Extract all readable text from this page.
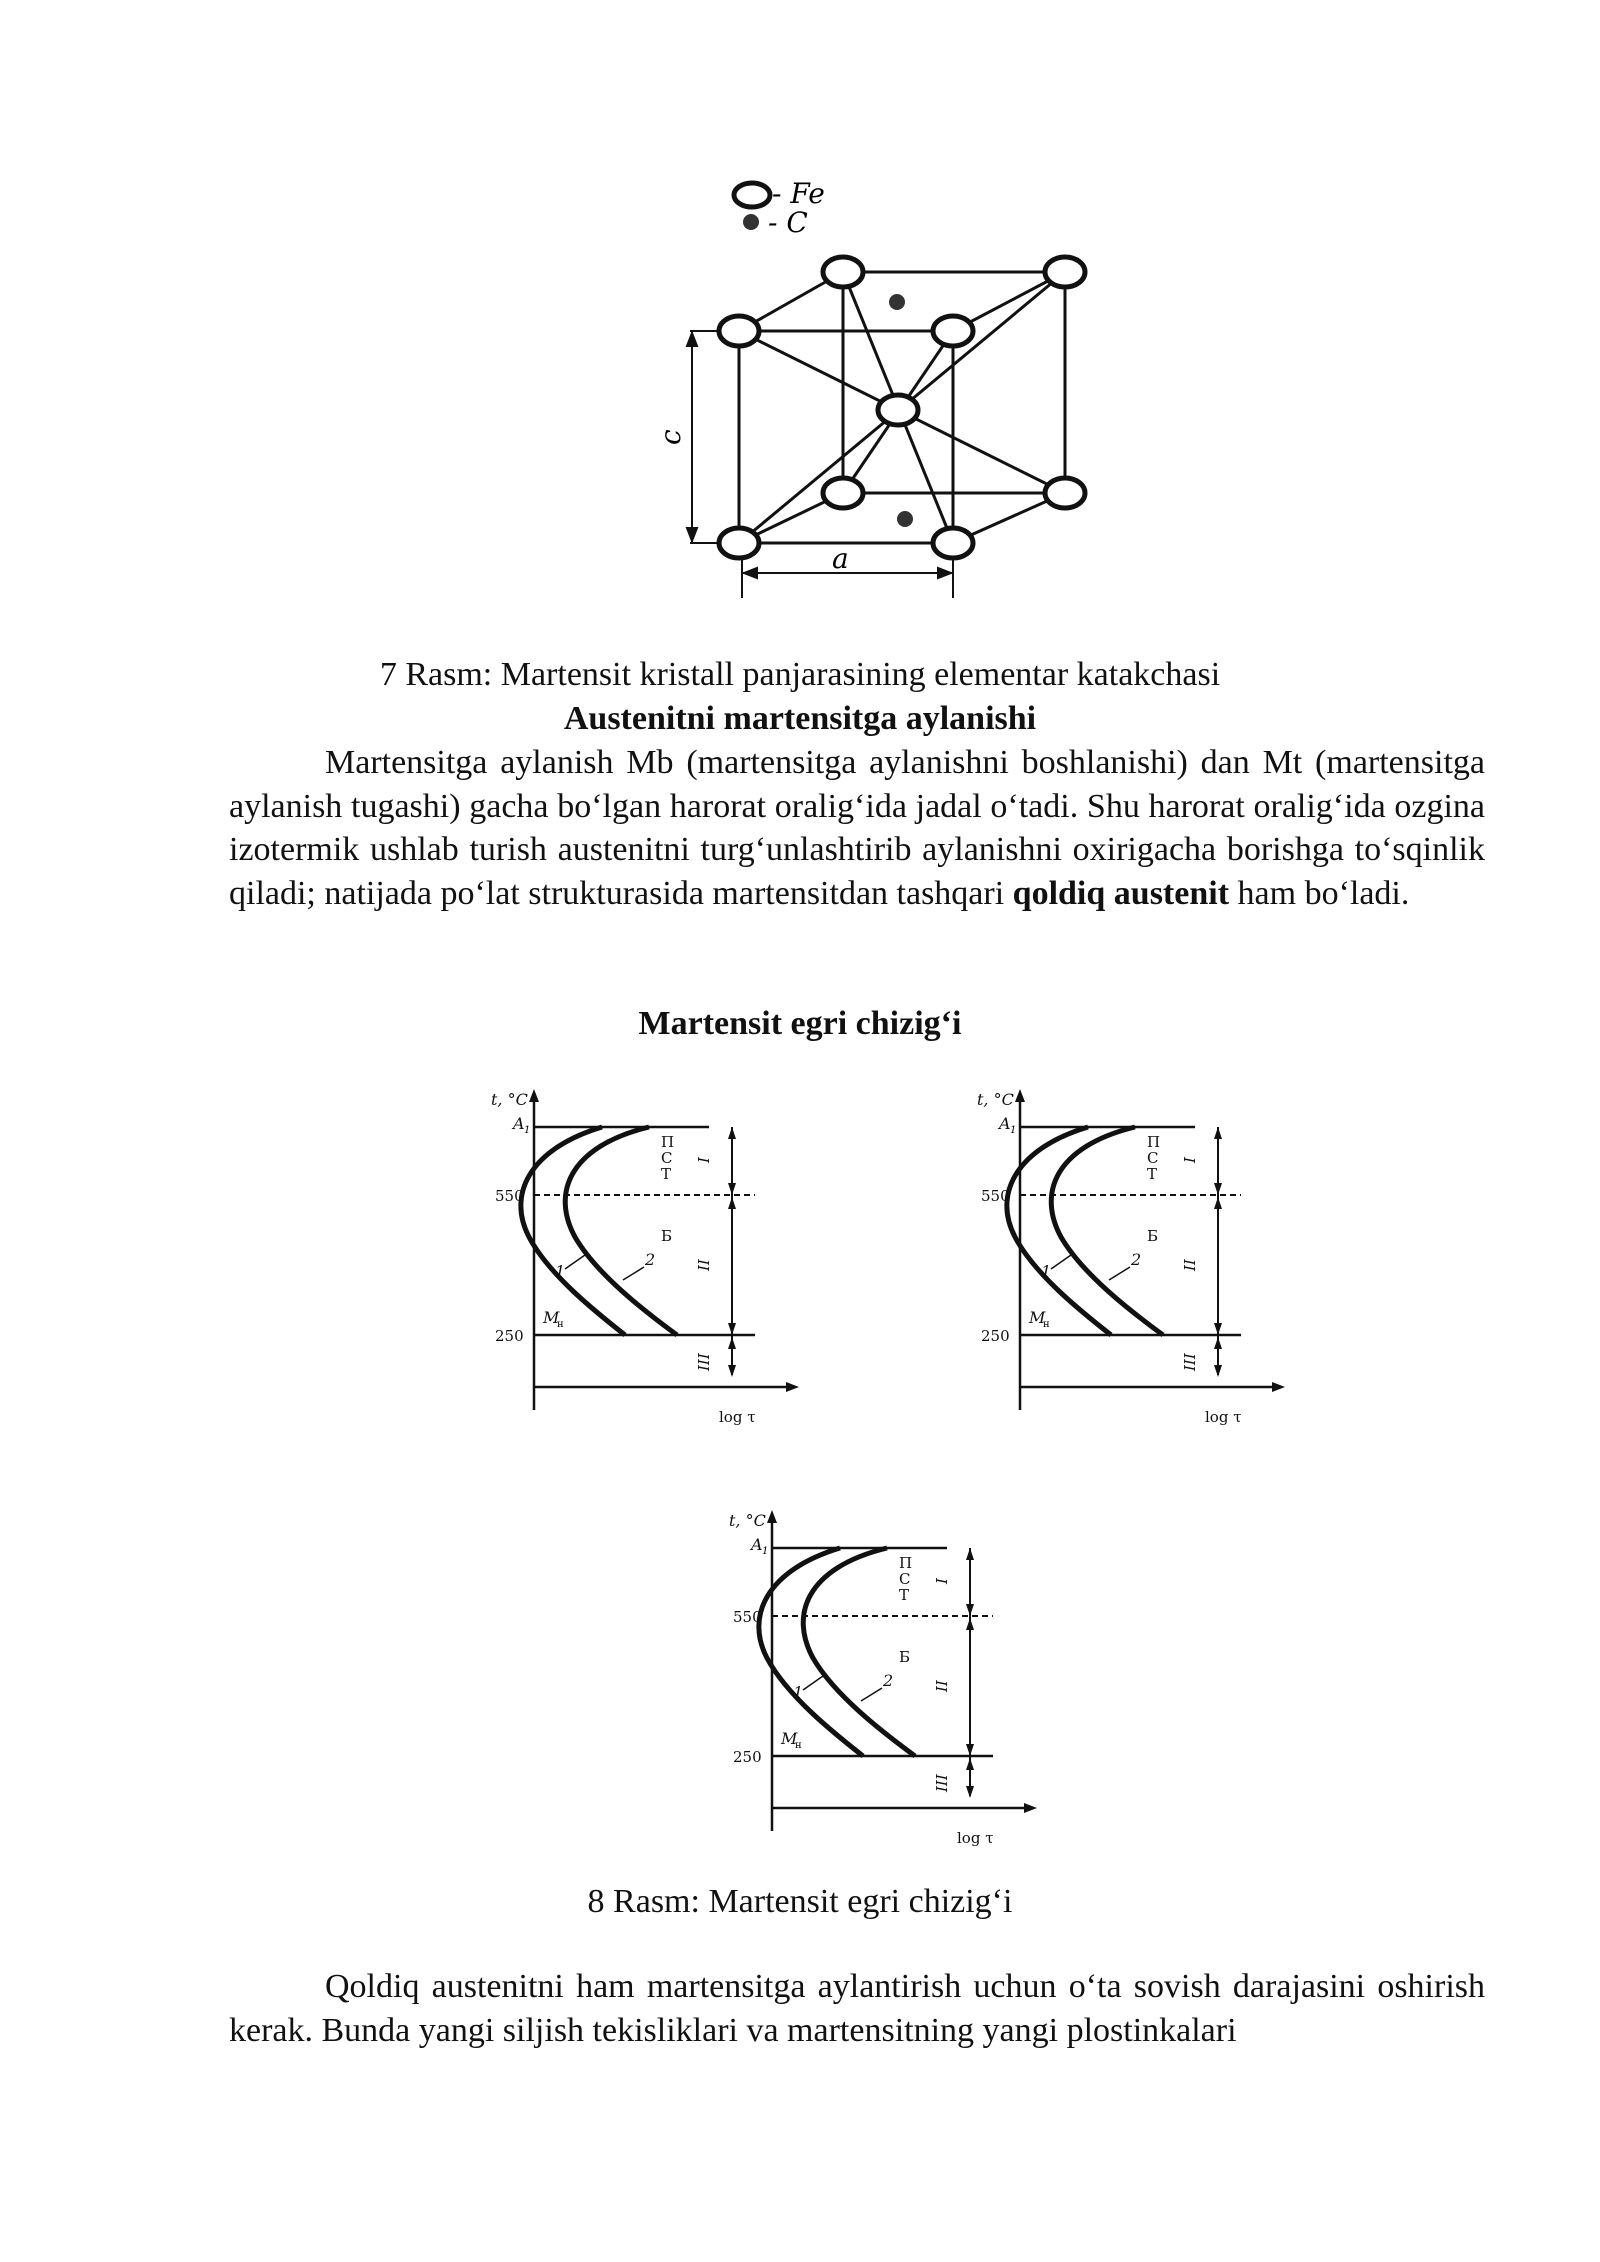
- Fe
- C
c
a
7 Rasm: Martensit kristall panjarasining elementar katakchasi
Austenitni martensitga aylanishi

Martensitga aylanish Mb (martensitga aylanishni boshlanishi) dan Mt (martensitga aylanish tugashi) gacha bo‘lgan harorat oralig‘ida jadal o‘tadi. Shu harorat oralig‘ida ozgina izotermik ushlab turish austenitni turg‘unlashtirib aylanishni oxirigacha borishga to‘sqinlik qiladi; natijada po‘lat strukturasida martensitdan tashqari qoldiq austenit ham bo‘ladi.

Martensit egri chizig‘i
t, °C
A 1
550
250
M
н
1
2
П
С
Т
Б
I
II
III
log τ
t, °C
A 1
550
250
M
н
1
2
П
С
Т
Б
I
II
III
log τ
t, °C
A 1
550
250
M
н
1
2
П
С
Т
Б
I
II
III
log τ
8 Rasm: Martensit egri chizig‘i

Qoldiq austenitni ham martensitga aylantirish uchun o‘ta sovish darajasini oshirish kerak. Bunda yangi siljish tekisliklari va martensitning yangi plostinkalari
